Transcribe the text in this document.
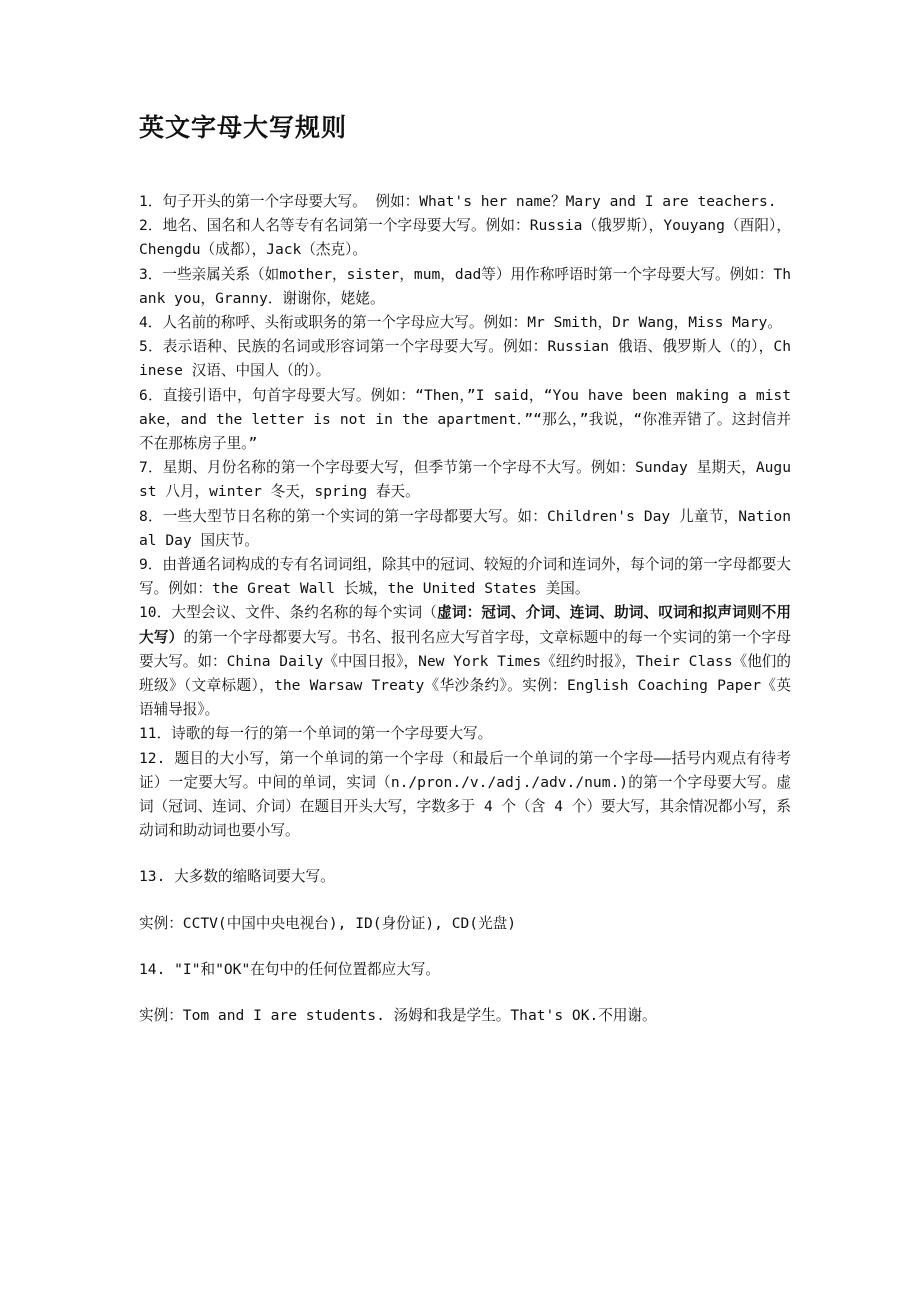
英文字母大写规则

1．句子开头的第一个字母要大写。 例如：What's her name？Mary and I are teachers.

2．地名、国名和人名等专有名词第一个字母要大写。例如：Russia（俄罗斯），Youyang（酉阳），Chengdu（成都），Jack（杰克）。

3．一些亲属关系（如mother，sister，mum，dad等）用作称呼语时第一个字母要大写。例如：Thank you，Granny．谢谢你，姥姥。

4．人名前的称呼、头衔或职务的第一个字母应大写。例如：Mr Smith，Dr Wang，Miss Mary。

5．表示语种、民族的名词或形容词第一个字母要大写。例如：Russian 俄语、俄罗斯人（的），Chinese 汉语、中国人（的）。

6．直接引语中，句首字母要大写。例如：“Then，”I said，“You have been making a mistake，and the letter is not in the apartment．”“那么，”我说，“你准弄错了。这封信并不在那栋房子里。”

7．星期、月份名称的第一个字母要大写，但季节第一个字母不大写。例如：Sunday 星期天，August 八月，winter 冬天，spring 春天。

8．一些大型节日名称的第一个实词的第一字母都要大写。如：Children's Day 儿童节，National Day 国庆节。

9．由普通名词构成的专有名词词组，除其中的冠词、较短的介词和连词外，每个词的第一字母都要大写。例如：the Great Wall 长城，the United States 美国。

10．大型会议、文件、条约名称的每个实词（虚词：冠词、介词、连词、助词、叹词和拟声词则不用大写）的第一个字母都要大写。书名、报刊名应大写首字母，文章标题中的每一个实词的第一个字母要大写。如：China Daily《中国日报》，New York Times《纽约时报》，Their Class《他们的班级》（文章标题），the Warsaw Treaty《华沙条约》。实例：English Coaching Paper《英语辅导报》。

11．诗歌的每一行的第一个单词的第一个字母要大写。

12. 题目的大小写，第一个单词的第一个字母（和最后一个单词的第一个字母——括号内观点有待考证）一定要大写。中间的单词，实词（n./pron./v./adj./adv./num.)的第一个字母要大写。虚词（冠词、连词、介词）在题目开头大写，字数多于 4 个（含 4 个）要大写，其余情况都小写，系动词和助动词也要小写。

13. 大多数的缩略词要大写。

实例：CCTV(中国中央电视台), ID(身份证), CD(光盘)

14. "I"和"OK"在句中的任何位置都应大写。

实例：Tom and I are students. 汤姆和我是学生。That's OK.不用谢。
